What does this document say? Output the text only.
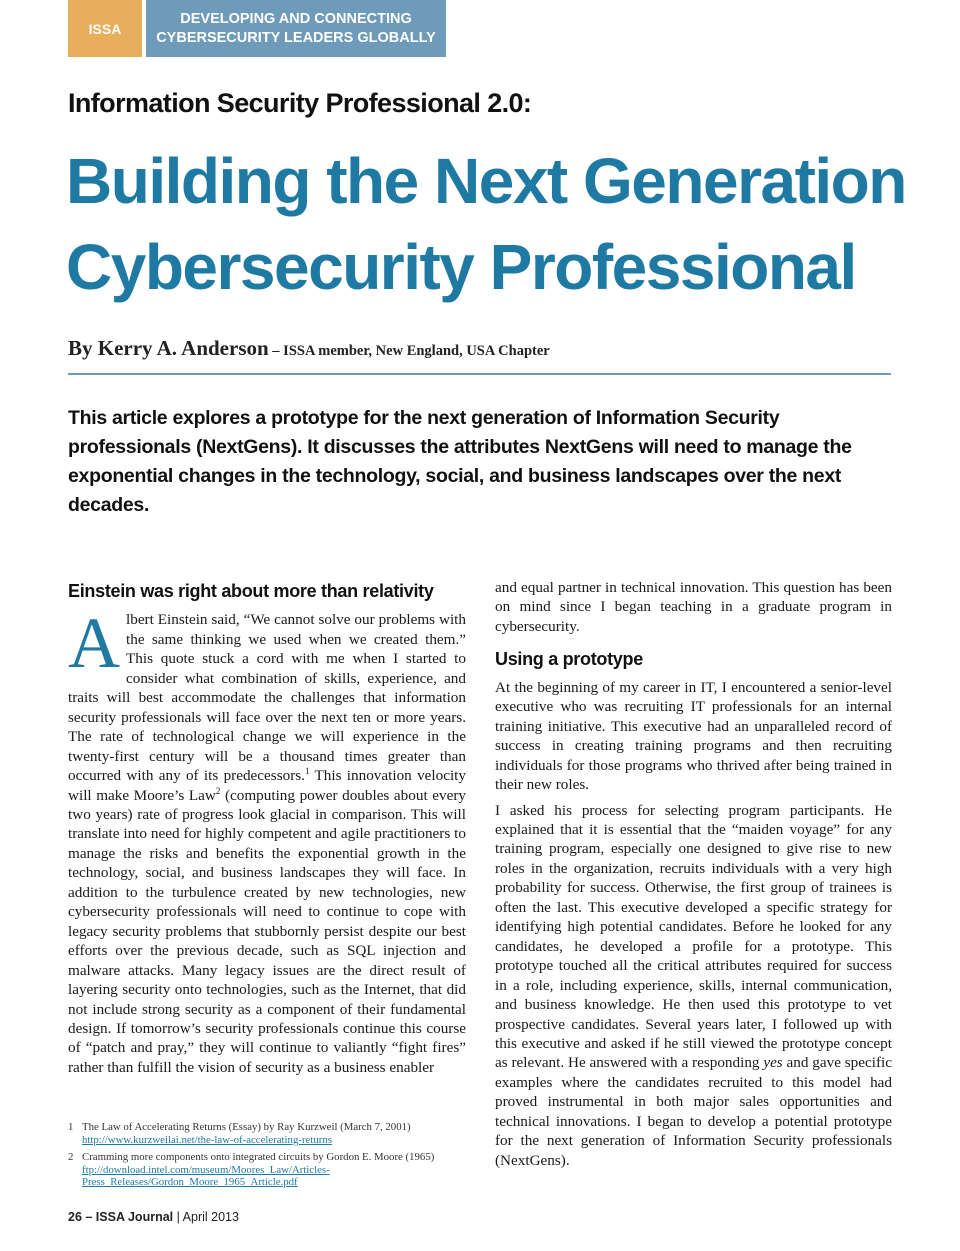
ISSA
DEVELOPING AND CONNECTING
CYBERSECURITY LEADERS GLOBALLY
Information Security Professional 2.0:
Building the Next Generation
Cybersecurity Professional
By Kerry A. Anderson – ISSA member, New England, USA Chapter
This article explores a prototype for the next generation of Information Security professionals (NextGens). It discusses the attributes NextGens will need to manage the exponential changes in the technology, social, and business landscapes over the next decades.
Einstein was right about more than relativity

Albert Einstein said, “We cannot solve our problems with the same thinking we used when we created them.” This quote stuck a cord with me when I started to consider what combination of skills, experience, and traits will best accommodate the challenges that information security professionals will face over the next ten or more years. The rate of technological change we will experience in the twenty-first century will be a thousand times greater than occurred with any of its predecessors.$^1$ This innovation velocity will make Moore’s Law$^2$ (computing power doubles about every two years) rate of progress look glacial in comparison. This will translate into need for highly competent and agile practitioners to manage the risks and benefits the exponential growth in the technology, social, and business landscapes they will face. In addition to the turbulence created by new technologies, new cybersecurity professionals will need to continue to cope with legacy security problems that stubbornly persist despite our best efforts over the previous decade, such as SQL injection and malware attacks. Many legacy issues are the direct result of layering security onto technologies, such as the Internet, that did not include strong security as a component of their fundamental design. If tomorrow’s security professionals continue this course of “patch and pray,” they will continue to valiantly “fight fires” rather than fulfill the vision of security as a business enabler

and equal partner in technical innovation. This question has been on mind since I began teaching in a graduate program in cybersecurity.

Using a prototype

At the beginning of my career in IT, I encountered a senior-level executive who was recruiting IT professionals for an internal training initiative. This executive had an unparalleled record of success in creating training programs and then recruiting individuals for those programs who thrived after being trained in their new roles.

I asked his process for selecting program participants. He explained that it is essential that the “maiden voyage” for any training program, especially one designed to give rise to new roles in the organization, recruits individuals with a very high probability for success. Otherwise, the first group of trainees is often the last. This executive developed a specific strategy for identifying high potential candidates. Before he looked for any candidates, he developed a profile for a prototype. This prototype touched all the critical attributes required for success in a role, including experience, skills, internal communication, and business knowledge. He then used this prototype to vet prospective candidates. Several years later, I followed up with this executive and asked if he still viewed the prototype concept as relevant. He answered with a responding yes and gave specific examples where the candidates recruited to this model had proved instrumental in both major sales opportunities and technical innovations. I began to develop a potential prototype for the next generation of Information Security professionals (NextGens).

1 The Law of Accelerating Returns (Essay) by Ray Kurzweil (March 7, 2001) http://www.kurzweilai.net/the-law-of-accelerating-returns
2 Cramming more components onto integrated circuits by Gordon E. Moore (1965) ftp://download.intel.com/museum/Moores_Law/Articles-Press_Releases/Gordon_Moore_1965_Article.pdf
26 – ISSA Journal | April 2013
